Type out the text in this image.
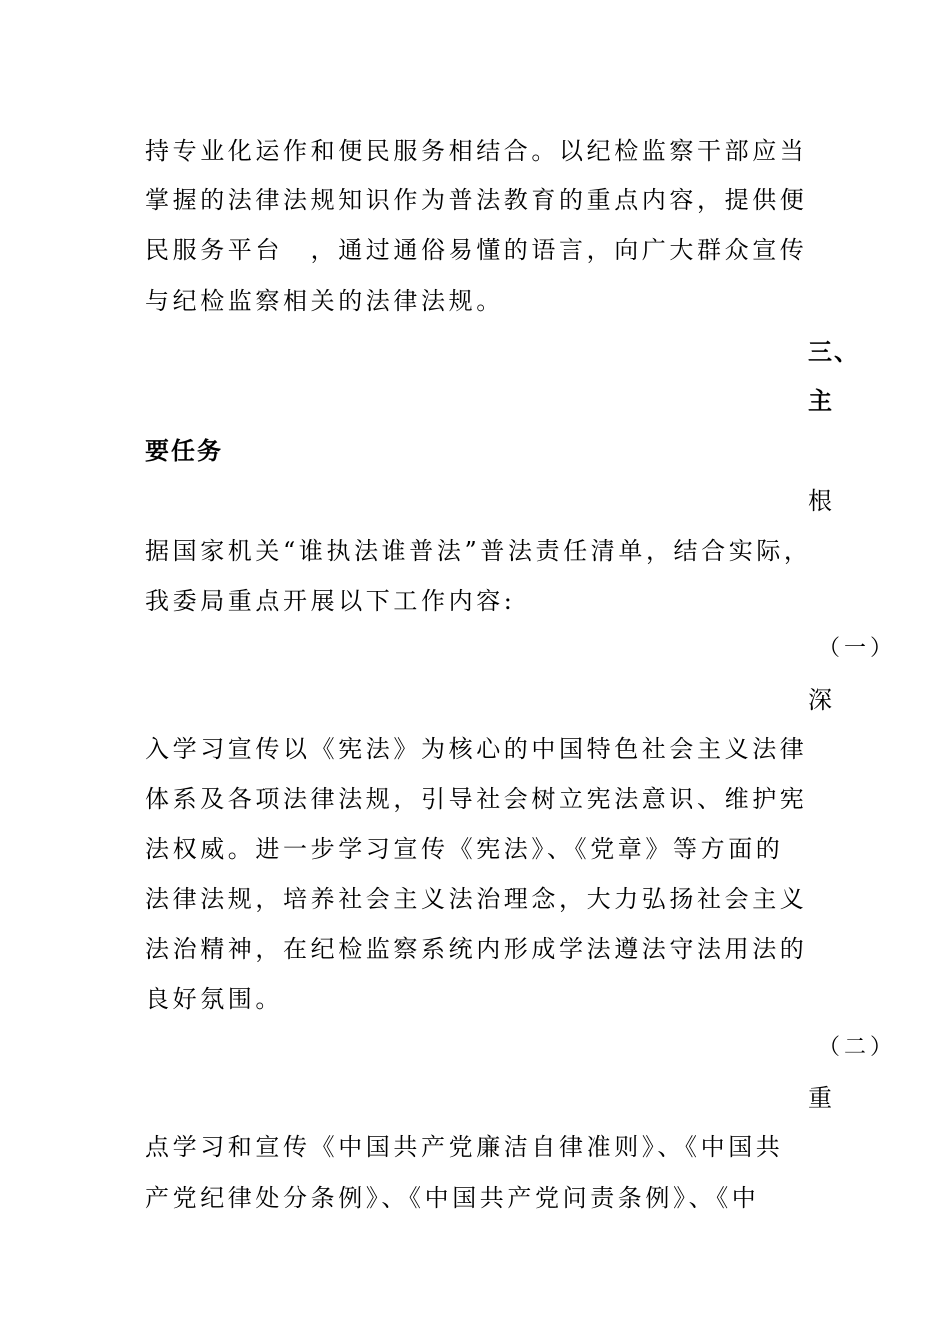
持专业化运作和便民服务相结合。以纪检监察干部应当
掌握的法律法规知识作为普法教育的重点内容，提供便
民服务平台　，通过通俗易懂的语言，向广大群众宣传
与纪检监察相关的法律法规。
三、
主
要任务
根
据国家机关“谁执法谁普法”普法责任清单，结合实际，
我委局重点开展以下工作内容:
（一）
深
入学习宣传以《宪法》为核心的中国特色社会主义法律
体系及各项法律法规，引导社会树立宪法意识、维护宪
法权威。进一步学习宣传《宪法》、《党章》等方面的
法律法规，培养社会主义法治理念，大力弘扬社会主义
法治精神，在纪检监察系统内形成学法遵法守法用法的
良好氛围。
（二）
重
点学习和宣传《中国共产党廉洁自律准则》、《中国共
产党纪律处分条例》、《中国共产党问责条例》、《中
